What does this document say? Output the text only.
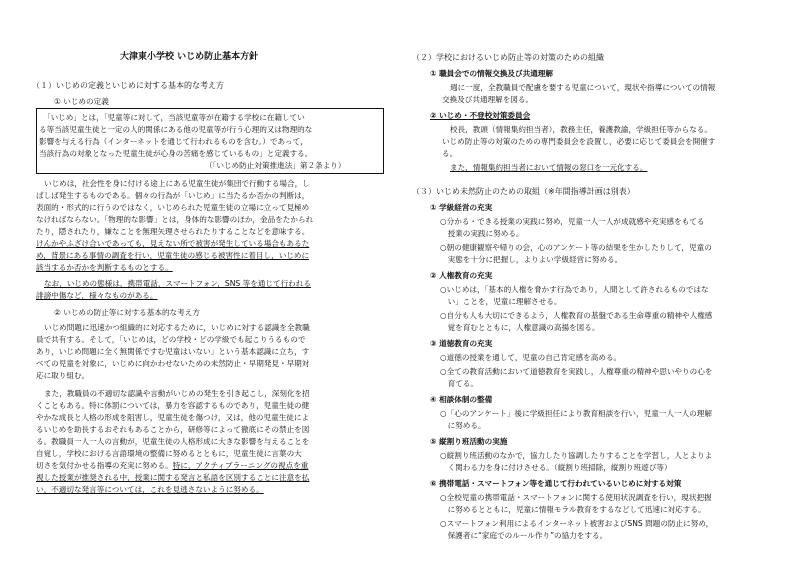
大津東小学校 いじめ防止基本方針
（１）いじめの定義といじめに対する基本的な考え方
① いじめの定義
「いじめ」とは，「児童等に対して，当該児童等が在籍する学校に在籍してい
る等当該児童生徒と一定の人的関係にある他の児童等が行う心理的又は物理的な
影響を与える行為（インターネットを通じて行われるものを含む。）であって，
当該行為の対象となった児童生徒が心身の苦痛を感じているもの」と定義する。
（「いじめ防止対策推進法」第２条より）
いじめは，社会性を身に付ける途上にある児童生徒が集団で行動する場合，し
ばしば発生するものである。個々の行為が「いじめ」に当たるか否かの判断は，
表面的・形式的に行うのではなく，いじめられた児童生徒の立場に立って見極め
なければならない。「物理的な影響」とは，身体的な影響のほか，金品をたかられ
たり，隠されたり，嫌なことを無理矢理させられたりすることなどを意味する。
けんかやふざけ合いであっても，見えない所で被害が発生している場合もあるた
め，背景にある事情の調査を行い，児童生徒の感じる被害性に着目し，いじめに
該当するか否かを判断するものとする。
なお，いじめの態様は，携帯電話，スマートフォン，SNS 等を通じて行われる
誹謗中傷など，様々なものがある。
② いじめの防止等に対する基本的な考え方
いじめ問題に迅速かつ組織的に対応するために，いじめに対する認識を全教職
員で共有する。そして，「いじめは，どの学校・どの学級でも起こりうるもので
あり，いじめ問題に全く無関係ですむ児童はいない」という基本認識に立ち，す
べての児童を対象に，いじめに向かわせないための未然防止・早期発見・早期対
応に取り組む。
また，教職員の不適切な認識や言動がいじめの発生を引き起こし，深刻化を招
くこともある。特に体罰については，暴力を容認するものであり，児童生徒の健
やかな成長と人格の形成を阻害し，児童生徒を傷つけ，又は，他の児童生徒によ
るいじめを助長するおそれもあることから，研修等によって徹底にその禁止を図
る。教職員一人一人の言動が，児童生徒の人格形成に大きな影響を与えることを
自覚し，学校における言語環境の整備に努めるとともに，児童生徒に言葉の大
切さを気付かせる指導の充実に努める。特に，アクティブラーニングの視点を重
視した授業が推奨される中，授業に関する発言と私語を区別することに注意を払
い，不適切な発言等については，これを見逃さないように努める。
（２）学校におけるいじめ防止等の対策のための組織
① 職員会での情報交換及び共通理解
週に一度，全教職員で配慮を要する児童について，現状や指導についての情報
交換及び共通理解を図る。
② いじめ・不登校対策委員会
校長，教頭（情報集約担当者），教務主任，養護教諭，学級担任等からなる。
いじめ防止等の対策のための専門委員会を設置し，必要に応じて委員会を開催す
る。
また，情報集約担当者において情報の窓口を一元化する。
（３）いじめ未然防止のための取組（※年間指導計画は別表）
① 学級経営の充実
○分かる・できる授業の実践に努め，児童一人一人が成就感や充実感をもてる
　授業の実践に努める。
○朝の健康観察や帰りの会，心のアンケート等の結果を生かしたりして，児童の
　実態を十分に把握し，よりよい学級経営に努める。
② 人権教育の充実
○いじめは，「基本的人権を脅かす行為であり，人間として許されるものではな
　い」ことを，児童に理解させる。
○自分も人も大切にできるよう，人権教育の基盤である生命尊重の精神や人権感
　覚を育むとともに，人権意識の高揚を図る。
③ 道徳教育の充実
○道徳の授業を通して，児童の自己肯定感を高める。
○全ての教育活動において道徳教育を実践し，人権尊重の精神や思いやりの心を
　育てる。
④ 相談体制の整備
○「心のアンケート」後に学級担任により教育相談を行い，児童一人一人の理解
　に努める。
⑤ 縦割り班活動の実施
○縦割り班活動のなかで，協力したり協調したりすることを学習し，人とよりよ
　く関わる力を身に付けさせる。（縦割り班掃除，縦割り班遊び等）
⑥ 携帯電話・スマートフォン等を通じて行われているいじめに対する対策
○全校児童の携帯電話・スマートフォンに関する使用状況調査を行い，現状把握
　に努めるとともに，児童に情報モラル教育をするなどして迅速に対応する。
○スマートフォン利用によるインターネット被害およびSNS 問題の防止に努め，
　保護者に“家庭でのルール作り”の協力をする。
